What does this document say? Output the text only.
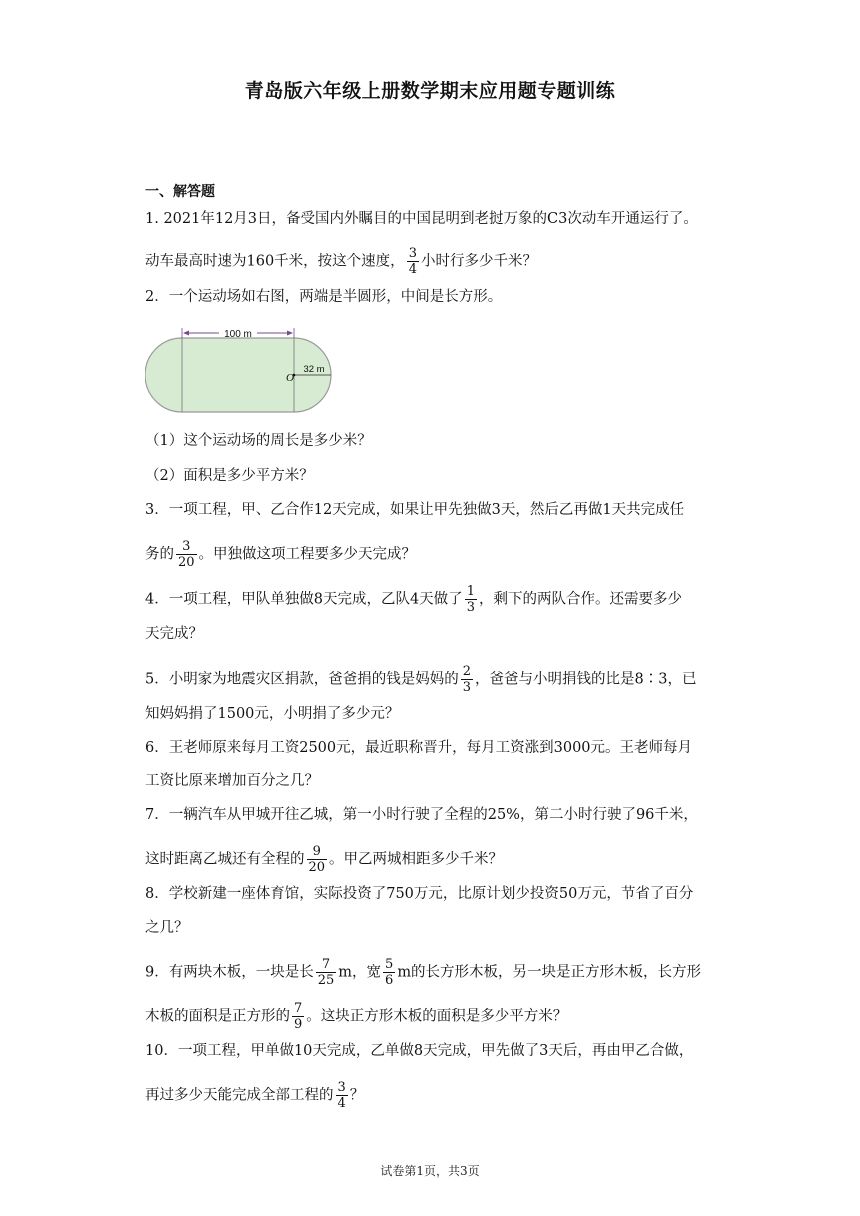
青岛版六年级上册数学期末应用题专题训练
一、解答题
1. 2021年12月3日，备受国内外瞩目的中国昆明到老挝万象的C3次动车开通运行了。
动车最高时速为160千米，按这个速度， $\frac{3}{4}$ 小时行多少千米？
2．一个运动场如右图，两端是半圆形，中间是长方形。
100 m
O
32 m
（1）这个运动场的周长是多少米？
（2）面积是多少平方米？
3．一项工程，甲、乙合作12天完成，如果让甲先独做3天，然后乙再做1天共完成任
务的 $\frac{3}{20}$ 。甲独做这项工程要多少天完成？
4．一项工程，甲队单独做8天完成，乙队4天做了 $\frac{1}{3}$ ，剩下的两队合作。还需要多少
天完成？
5．小明家为地震灾区捐款，爸爸捐的钱是妈妈的 $\frac{2}{3}$ ，爸爸与小明捐钱的比是8∶3，已
知妈妈捐了1500元，小明捐了多少元？
6．王老师原来每月工资2500元，最近职称晋升，每月工资涨到3000元。王老师每月
工资比原来增加百分之几？
7．一辆汽车从甲城开往乙城，第一小时行驶了全程的25%，第二小时行驶了96千米，
这时距离乙城还有全程的 $\frac{9}{20}$ 。甲乙两城相距多少千米？
8．学校新建一座体育馆，实际投资了750万元，比原计划少投资50万元，节省了百分
之几？
9．有两块木板，一块是长 $\frac{7}{25}$ m，宽 $\frac{5}{6}$ m的长方形木板，另一块是正方形木板，长方形
木板的面积是正方形的 $\frac{7}{9}$ 。这块正方形木板的面积是多少平方米？
10．一项工程，甲单做10天完成，乙单做8天完成，甲先做了3天后，再由甲乙合做，
再过多少天能完成全部工程的 $\frac{3}{4}$ ？
试卷第1页，共3页
